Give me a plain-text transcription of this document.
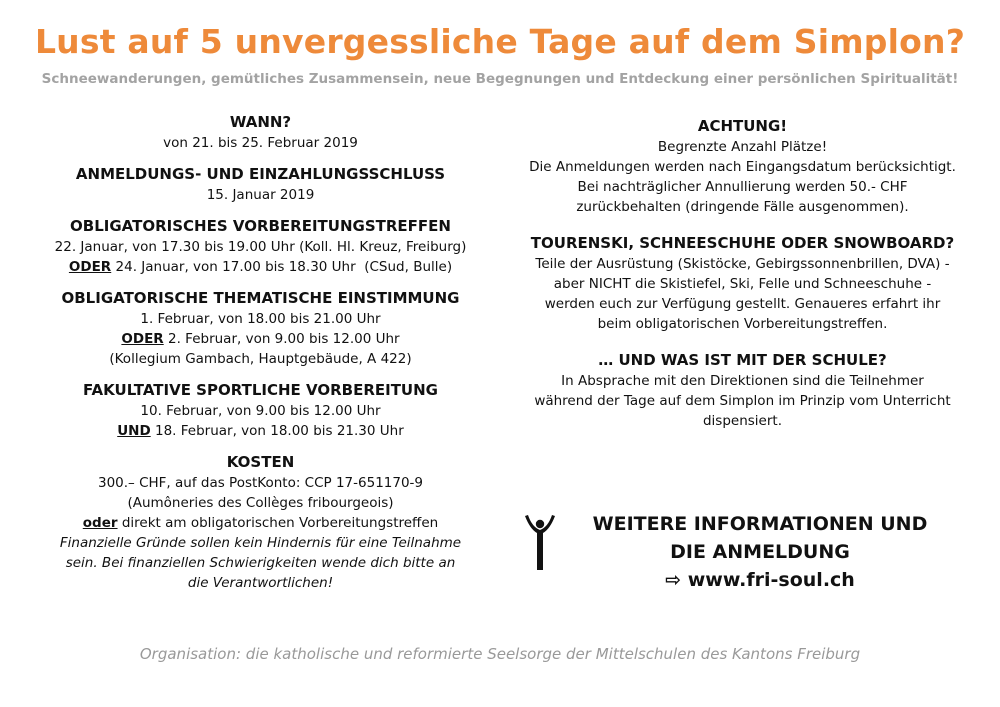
Lust auf 5 unvergessliche Tage auf dem Simplon?
Schneewanderungen, gemütliches Zusammensein, neue Begegnungen und Entdeckung einer persönlichen Spiritualität!
WANN?
von 21. bis 25. Februar 2019
ANMELDUNGS- UND EINZAHLUNGSSCHLUSS
15. Januar 2019
OBLIGATORISCHES VORBEREITUNGSTREFFEN
22. Januar, von 17.30 bis 19.00 Uhr (Koll. Hl. Kreuz, Freiburg)
ODER 24. Januar, von 17.00 bis 18.30 Uhr  (CSud, Bulle)
OBLIGATORISCHE THEMATISCHE EINSTIMMUNG
1. Februar, von 18.00 bis 21.00 Uhr
ODER 2. Februar, von 9.00 bis 12.00 Uhr
(Kollegium Gambach, Hauptgebäude, A 422)
FAKULTATIVE SPORTLICHE VORBEREITUNG
10. Februar, von 9.00 bis 12.00 Uhr
UND 18. Februar, von 18.00 bis 21.30 Uhr
KOSTEN
300.– CHF, auf das PostKonto: CCP 17-651170-9
(Aumôneries des Collèges fribourgeois)
oder direkt am obligatorischen Vorbereitungstreffen
Finanzielle Gründe sollen kein Hindernis für eine Teilnahme
sein. Bei finanziellen Schwierigkeiten wende dich bitte an
die Verantwortlichen!
ACHTUNG!
Begrenzte Anzahl Plätze!
Die Anmeldungen werden nach Eingangsdatum berücksichtigt.
Bei nachträglicher Annullierung werden 50.- CHF
zurückbehalten (dringende Fälle ausgenommen).
TOURENSKI, SCHNEESCHUHE ODER SNOWBOARD?
Teile der Ausrüstung (Skistöcke, Gebirgssonnenbrillen, DVA) -
aber NICHT die Skistiefel, Ski, Felle und Schneeschuhe -
werden euch zur Verfügung gestellt. Genaueres erfahrt ihr
beim obligatorischen Vorbereitungstreffen.
… UND WAS IST MIT DER SCHULE?
In Absprache mit den Direktionen sind die Teilnehmer
während der Tage auf dem Simplon im Prinzip vom Unterricht
dispensiert.
WEITERE INFORMATIONEN UND
DIE ANMELDUNG
⇨ www.fri-soul.ch
Organisation: die katholische und reformierte Seelsorge der Mittelschulen des Kantons Freiburg
